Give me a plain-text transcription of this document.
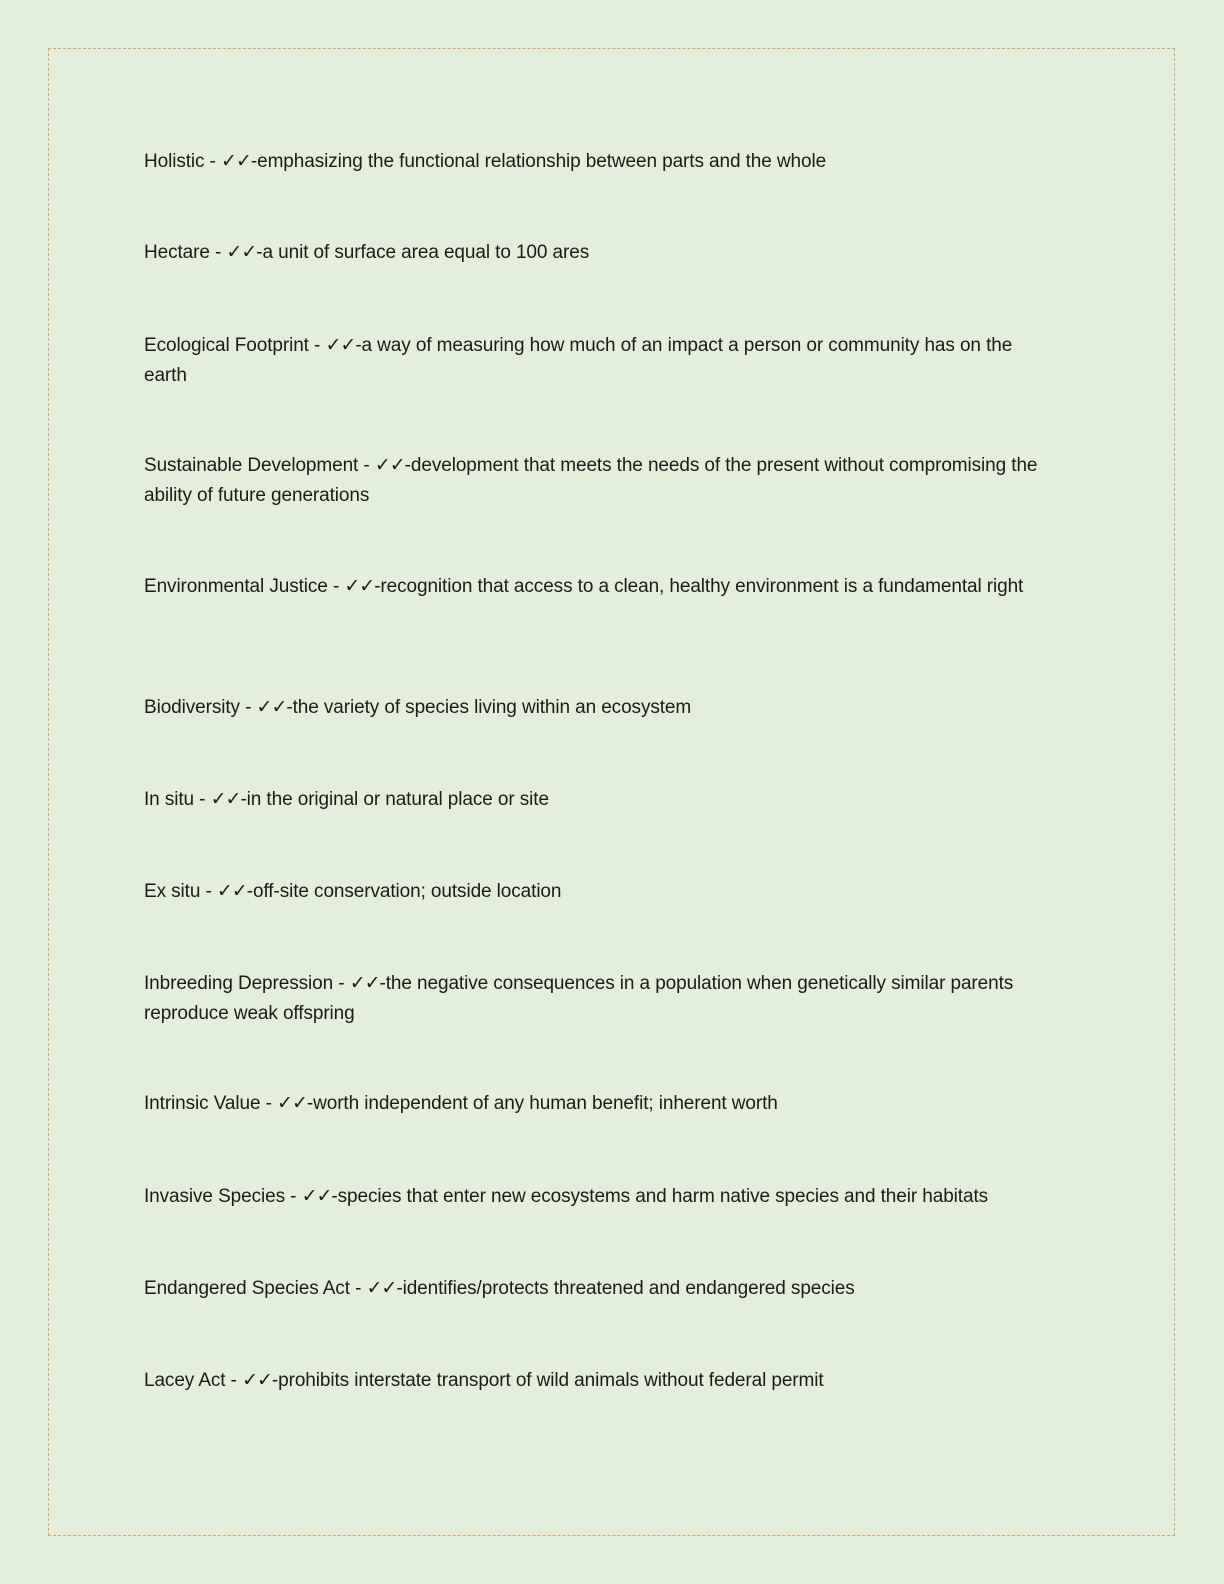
Holistic - ✓✓-emphasizing the functional relationship between parts and the whole
Hectare - ✓✓-a unit of surface area equal to 100 ares
Ecological Footprint - ✓✓-a way of measuring how much of an impact a person or community has on the earth
Sustainable Development - ✓✓-development that meets the needs of the present without compromising the ability of future generations
Environmental Justice - ✓✓-recognition that access to a clean, healthy environment is a fundamental right
Biodiversity - ✓✓-the variety of species living within an ecosystem
In situ - ✓✓-in the original or natural place or site
Ex situ - ✓✓-off-site conservation; outside location
Inbreeding Depression - ✓✓-the negative consequences in a population when genetically similar parents reproduce weak offspring
Intrinsic Value - ✓✓-worth independent of any human benefit; inherent worth
Invasive Species - ✓✓-species that enter new ecosystems and harm native species and their habitats
Endangered Species Act - ✓✓-identifies/protects threatened and endangered species
Lacey Act - ✓✓-prohibits interstate transport of wild animals without federal permit
